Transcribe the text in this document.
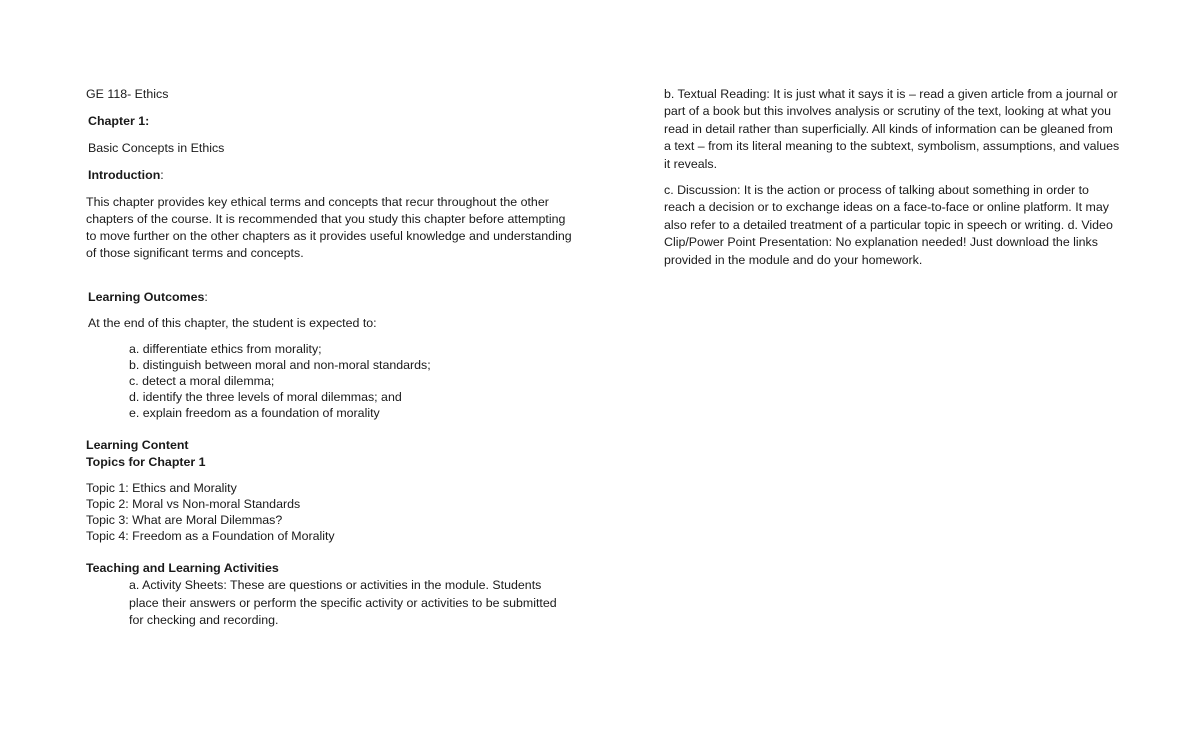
GE 118- Ethics

Chapter 1:

Basic Concepts in Ethics

Introduction:

This chapter provides key ethical terms and concepts that recur throughout the other chapters of the course. It is recommended that you study this chapter before attempting to move further on the other chapters as it provides useful knowledge and understanding of those significant terms and concepts.

Learning Outcomes:

At the end of this chapter, the student is expected to:

a. differentiate ethics from morality;

b. distinguish between moral and non-moral standards;

c. detect a moral dilemma;

d. identify the three levels of moral dilemmas; and

e. explain freedom as a foundation of morality

Learning Content

Topics for Chapter 1

Topic 1: Ethics and Morality

Topic 2: Moral vs Non-moral Standards

Topic 3: What are Moral Dilemmas?

Topic 4: Freedom as a Foundation of Morality

Teaching and Learning Activities

a. Activity Sheets: These are questions or activities in the module. Students place their answers or perform the specific activity or activities to be submitted for checking and recording.

b. Textual Reading: It is just what it says it is – read a given article from a journal or part of a book but this involves analysis or scrutiny of the text, looking at what you read in detail rather than superficially. All kinds of information can be gleaned from a text – from its literal meaning to the subtext, symbolism, assumptions, and values it reveals.

c. Discussion: It is the action or process of talking about something in order to reach a decision or to exchange ideas on a face-to-face or online platform. It may also refer to a detailed treatment of a particular topic in speech or writing. d. Video Clip/Power Point Presentation: No explanation needed! Just download the links provided in the module and do your homework.
